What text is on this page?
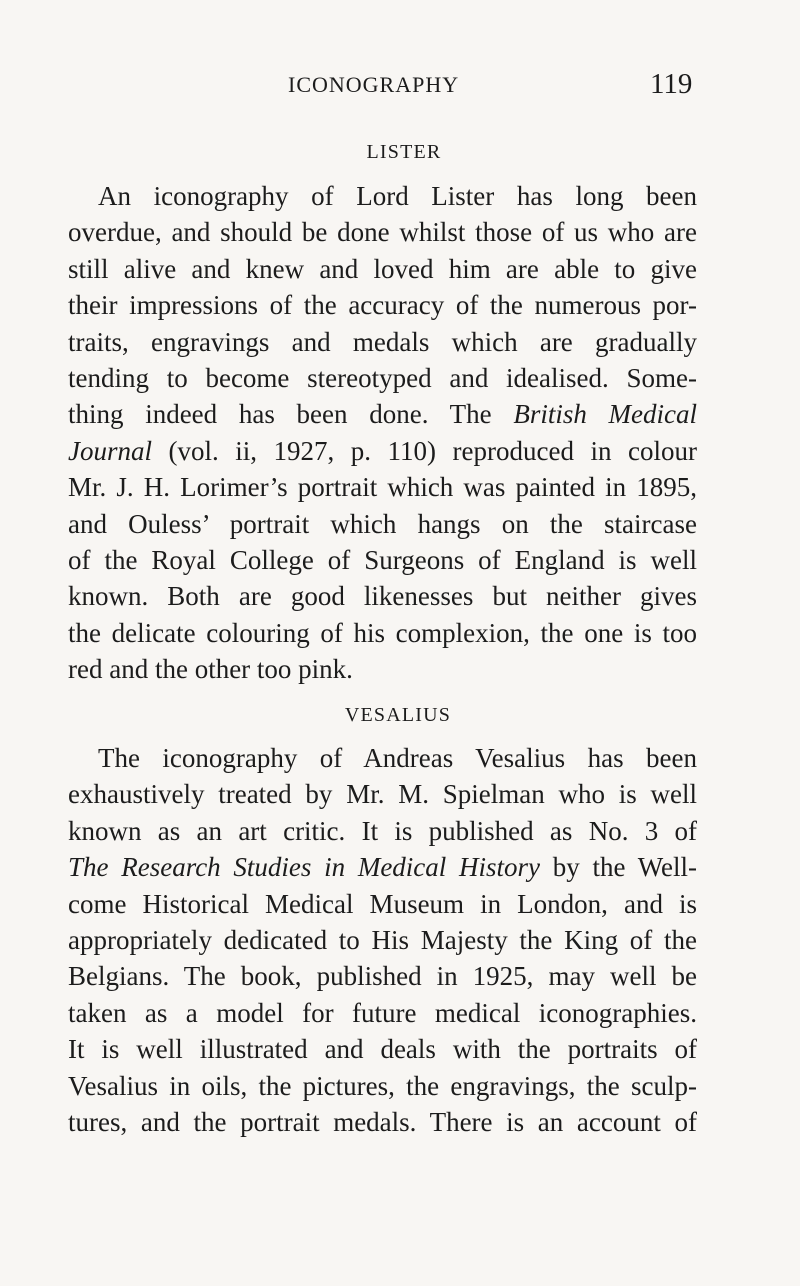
ICONOGRAPHY	119
LISTER
An iconography of Lord Lister has long been
overdue, and should be done whilst those of us who are
still alive and knew and loved him are able to give
their impressions of the accuracy of the numerous por-
traits, engravings and medals which are gradually
tending to become stereotyped and idealised. Some-
thing indeed has been done. The British Medical
Journal (vol. ii, 1927, p. 110) reproduced in colour
Mr. J. H. Lorimer’s portrait which was painted in 1895,
and Ouless’ portrait which hangs on the staircase
of the Royal College of Surgeons of England is well
known. Both are good likenesses but neither gives
the delicate colouring of his complexion, the one is too
red and the other too pink.
VESALIUS
The iconography of Andreas Vesalius has been
exhaustively treated by Mr. M. Spielman who is well
known as an art critic. It is published as No. 3 of
The Research Studies in Medical History by the Well-
come Historical Medical Museum in London, and is
appropriately dedicated to His Majesty the King of the
Belgians. The book, published in 1925, may well be
taken as a model for future medical iconographies.
It is well illustrated and deals with the portraits of
Vesalius in oils, the pictures, the engravings, the sculp-
tures, and the portrait medals. There is an account of
